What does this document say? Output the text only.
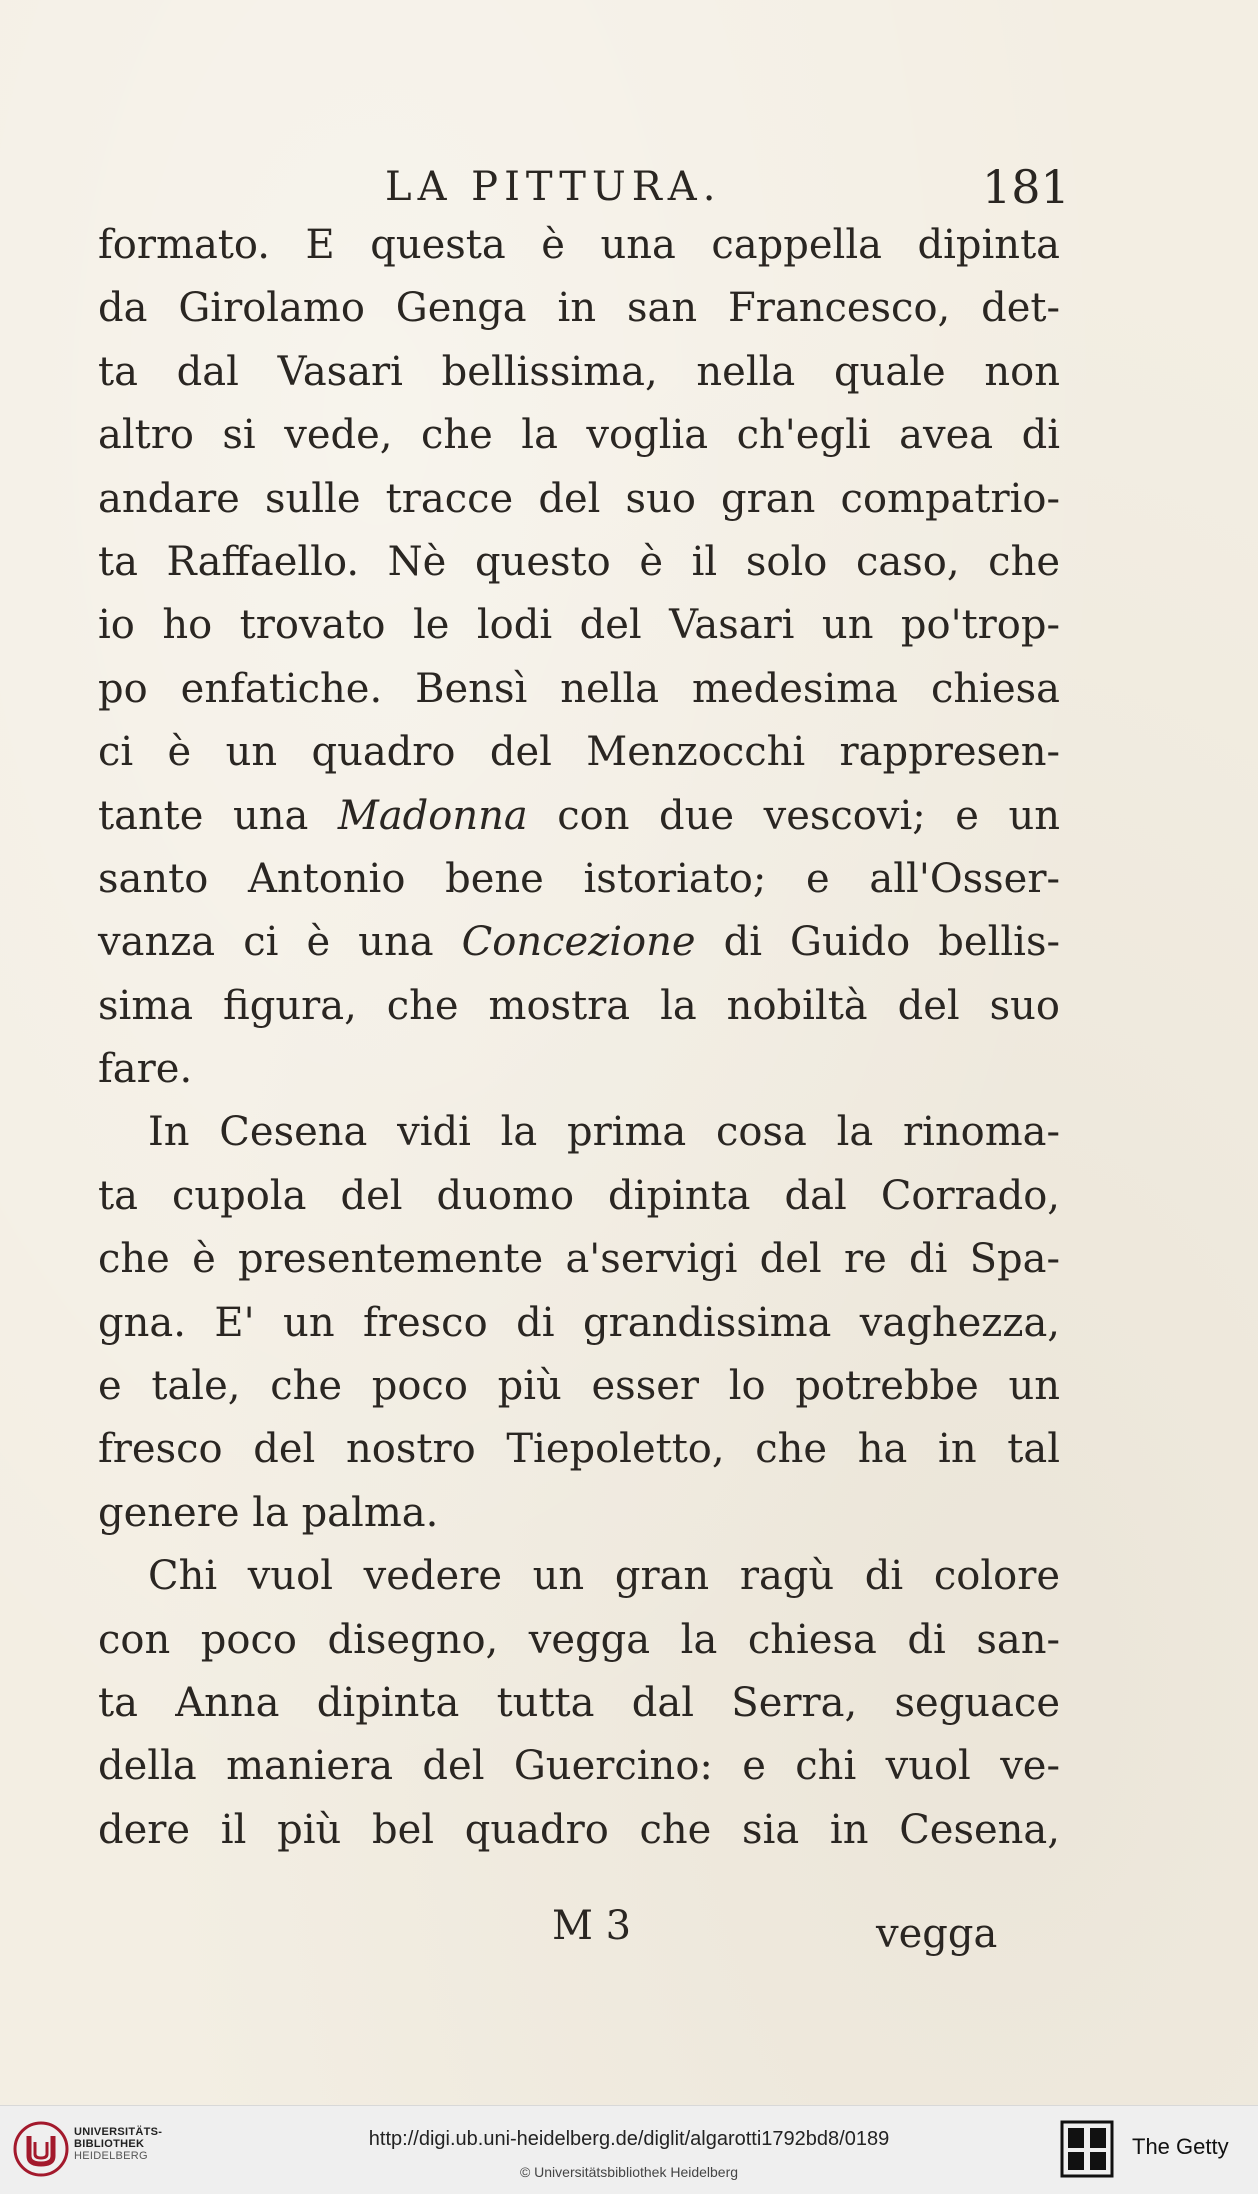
LA PITTURA.	181
formato. E questa è una cappella dipinta
da Girolamo Genga in san Francesco, det-
ta dal Vasari bellissima, nella quale non
altro si vede, che la voglia ch'egli avea di
andare sulle tracce del suo gran compatrio-
ta Raffaello. Nè questo è il solo caso, che
io ho trovato le lodi del Vasari un po'trop-
po enfatiche. Bensì nella medesima chiesa
ci è un quadro del Menzocchi rappresen-
tante una Madonna con due vescovi; e un
santo Antonio bene istoriato; e all'Osser-
vanza ci è una Concezione di Guido bellis-
sima figura, che mostra la nobiltà del suo
fare.
In Cesena vidi la prima cosa la rinoma-
ta cupola del duomo dipinta dal Corrado,
che è presentemente a'servigi del re di Spa-
gna. E' un fresco di grandissima vaghezza,
e tale, che poco più esser lo potrebbe un
fresco del nostro Tiepoletto, che ha in tal
genere la palma.
Chi vuol vedere un gran ragù di colore
con poco disegno, vegga la chiesa di san-
ta Anna dipinta tutta dal Serra, seguace
della maniera del Guercino: e chi vuol ve-
dere il più bel quadro che sia in Cesena,
M 3	vegga
UNIVERSITÄTS-
BIBLIOTHEK
HEIDELBERG
http://digi.ub.uni-heidelberg.de/diglit/algarotti1792bd8/0189
© Universitätsbibliothek Heidelberg
The Getty
